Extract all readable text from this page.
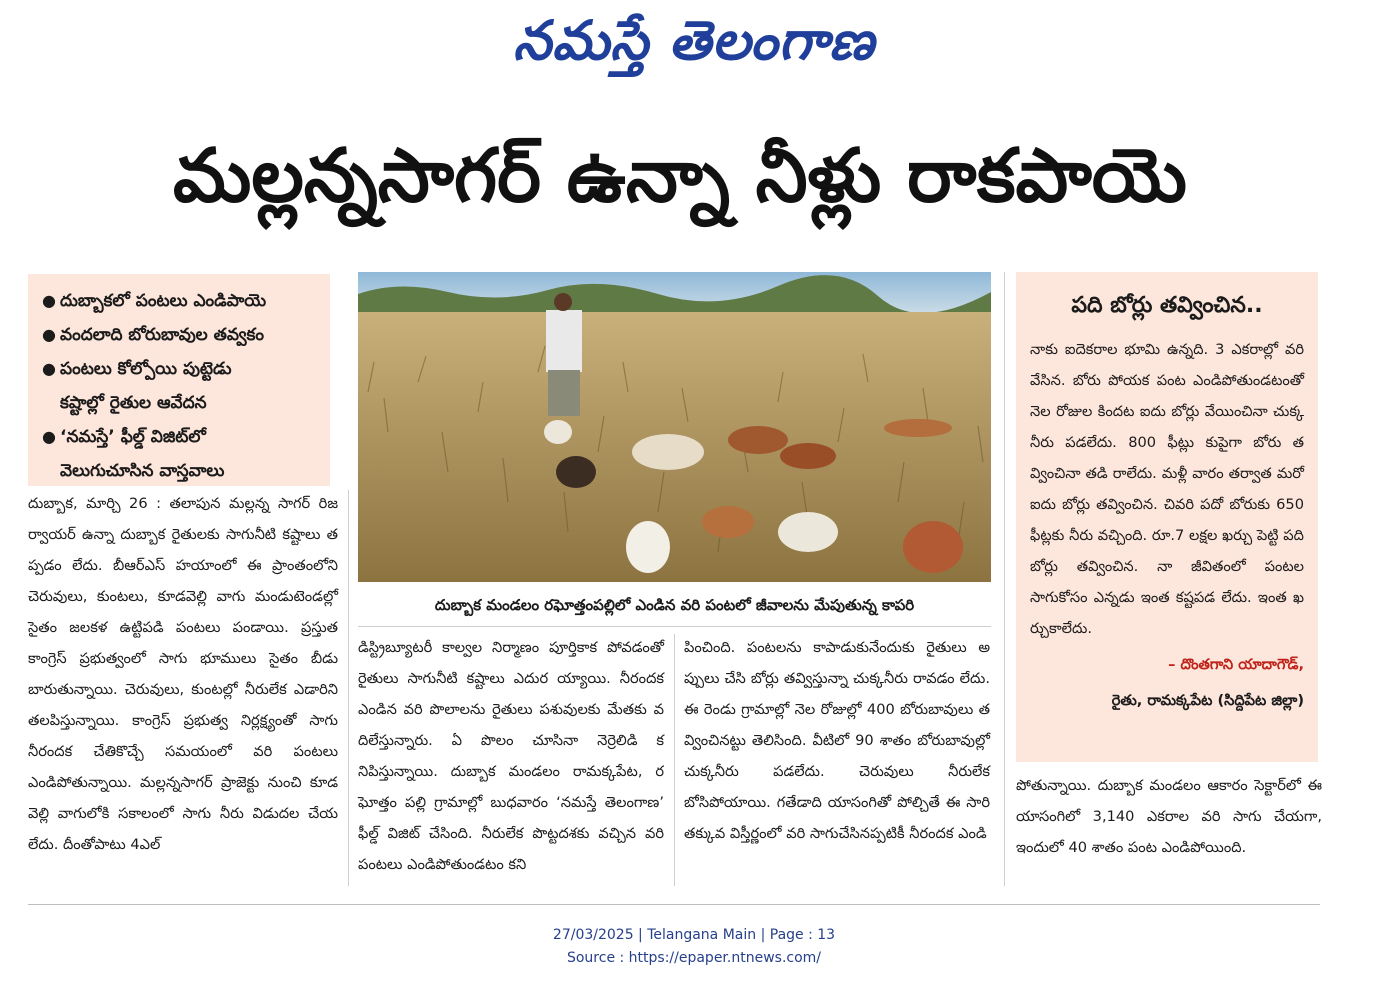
నమస్తే తెలంగాణ
మల్లన్నసాగర్ ఉన్నా నీళ్లు రాకపాయె
● దుబ్బాకలో పంటలు ఎండిపాయె
● వందలాది బోరుబావుల తవ్వకం
● పంటలు కోల్పోయి పుట్టెడు
కష్టాల్లో రైతుల ఆవేదన
● ‘నమస్తే’ ఫీల్డ్ విజిట్‌లో
వెలుగుచూసిన వాస్తవాలు
దుబ్బాక మండలం రఘోత్తంపల్లిలో ఎండిన వరి పంటలో జీవాలను మేపుతున్న కాపరి

దుబ్బాక, మార్చి 26 : తలాపున మల్లన్న సాగర్ రిజర్వాయర్ ఉన్నా దుబ్బాక రైతులకు సాగునీటి కష్టాలు తప్పడం లేదు. బీఆర్‌ఎస్ హయాంలో ఈ ప్రాంతంలోని చెరువులు, కుంటలు, కూడవెల్లి వాగు మండుటెండల్లో సైతం జలకళ ఉట్టిపడి పంటలు పండాయి. ప్రస్తుత కాంగ్రెస్ ప్రభుత్వంలో సాగు భూములు సైతం బీడు బారుతున్నాయి. చెరువులు, కుంటల్లో నీరులేక ఎడారిని తలపిస్తున్నాయి. కాంగ్రెస్ ప్రభుత్వ నిర్లక్ష్యంతో సాగు నీరందక చేతికొచ్చే సమయంలో వరి పంటలు ఎండిపోతున్నాయి. మల్లన్నసాగర్ ప్రాజెక్టు నుంచి కూడవెల్లి వాగులోకి సకాలంలో సాగు నీరు విడుదల చేయలేదు. దీంతోపాటు 4ఎల్

డిస్ట్రిబ్యూటరీ కాల్వల నిర్మాణం పూర్తికాక పోవడంతో రైతులు సాగునీటి కష్టాలు ఎదుర య్యాయి. నీరందక ఎండిన వరి పొలాలను రైతులు పశువులకు మేతకు వదిలేస్తున్నారు. ఏ పొలం చూసినా నెర్రెలిడి కనిపిస్తున్నాయి. దుబ్బాక మండలం రామక్కపేట, రఘోత్తం పల్లి గ్రామాల్లో బుధవారం ‘నమస్తే తెలంగాణ’ ఫీల్డ్ విజిట్ చేసింది. నీరులేక పొట్టదశకు వచ్చిన వరి పంటలు ఎండిపోతుండటం కని

పించింది. పంటలను కాపాడుకునేందుకు రైతులు అప్పులు చేసి బోర్లు తవ్విస్తున్నా చుక్కనీరు రావడం లేదు. ఈ రెండు గ్రామాల్లో నెల రోజుల్లో 400 బోరుబావులు తవ్వించినట్టు తెలిసింది. వీటిలో 90 శాతం బోరుబావుల్లో చుక్కనీరు పడలేదు. చెరువులు నీరులేక బోసిపోయాయి. గతేడాది యాసంగితో పోల్చితే ఈ సారి తక్కువ విస్తీర్ణంలో వరి సాగుచేసినప్పటికీ నీరందక ఎండి

పది బోర్లు తవ్వించిన..

నాకు ఐదెకరాల భూమి ఉన్నది. 3 ఎకరాల్లో వరి వేసిన. బోరు పోయక పంట ఎండిపోతుండటంతో నెల రోజుల కిందట ఐదు బోర్లు వేయించినా చుక్క నీరు పడలేదు. 800 ఫీట్లు కుపైగా బోరు తవ్వించినా తడి రాలేదు. మళ్లీ వారం తర్వాత మరో ఐదు బోర్లు తవ్వించిన. చివరి పదో బోరుకు 650 ఫీట్లకు నీరు వచ్చింది. రూ.7 లక్షల ఖర్చు పెట్టి పది బోర్లు తవ్వించిన. నా జీవితంలో పంటల సాగుకోసం ఎన్నడు ఇంత కష్టపడ లేదు. ఇంత ఖర్చుకాలేదు.

– దొంతగాని యాదాగౌడ్,

రైతు, రామక్కపేట (సిద్దిపేట జిల్లా)

పోతున్నాయి. దుబ్బాక మండలం ఆకారం సెక్టార్‌లో ఈ యాసంగిలో 3,140 ఎకరాల వరి సాగు చేయగా, ఇందులో 40 శాతం పంట ఎండిపోయింది.

27/03/2025 | Telangana Main | Page : 13
Source : https://epaper.ntnews.com/
